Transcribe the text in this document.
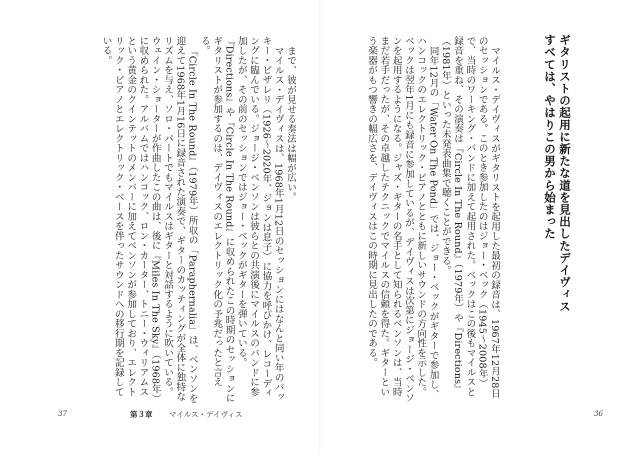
まで、彼が見せる奏法は幅が広い。

マイルス・デイヴィスは、1968年1月12日のセッションにはなんと同い年のバッキー・ピザレリ（1926〜2020年、ジョンは息子）に協力を呼びかけ、レコーディングに臨んでいる。ジョージ・ベンソンは彼らとの共演後にマイルスのバンドに参加したが、その前のセッションではジョー・ベックがギターを弾いている。『Directions』や『Circle In The Round』に収められたこの時期のセッションにギタリストが参加するのは、デイヴィスのエレクトリック化の予兆だったと言える。

『Circle In The Round』（1979年）所収の「Paraphernalia」は、ベンソンを迎えて1968年1月16日に録音された演奏で、ギターのカッティングが全体に独特なリズムを与え、ソロ・パートでもマイルスはギターと対話するように吹いている。ウェイン・ショーターが作曲したこの曲は、後に『Miles In The Sky』（1968年）に収められた。アルバムではハンコック、ロン・カーター、トニー・ウィリアムスという黄金のクインテットのメンバーに加えてベンソンが参加しており、エレクトリック・ピアノとエレクトリック・ベースを伴ったサウンドへの移行期を記録している。

37	第３章 マイルス・デイヴィス

マイルス・デイヴィスがギタリストを起用した最初の録音は、1967年12月28日のセッションである。このとき参加したのはジョー・ベック（1945〜2008年）で、当時のワーキング・バンドに加えて起用された。ベックはこの後もマイルスと録音を重ね、その演奏は『Circle In The Round』（1979年）や『Directions』（1981年）といった未発表曲集で聴くことができる。

同年12月の「Water On The Pond」では、ジョー・ベックがギターで参加し、ハンコックのエレクトリック・ピアノとともに新しいサウンドの方向性を示した。ベックは翌年1月にも録音に参加しているが、デイヴィスは次第にジョージ・ベンソンを起用するようになる。ジャズ・ギターの名手として知られるベンソンは、当時まだ若手だったが、その卓越したテクニックでマイルスの信頼を得た。ギターという楽器がもつ響きの幅広さを、デイヴィスはこの時期に見出したのである。	ギタリストの起用に新たな道を見出したデイヴィス
すべては、やはりこの男から始まった
36
